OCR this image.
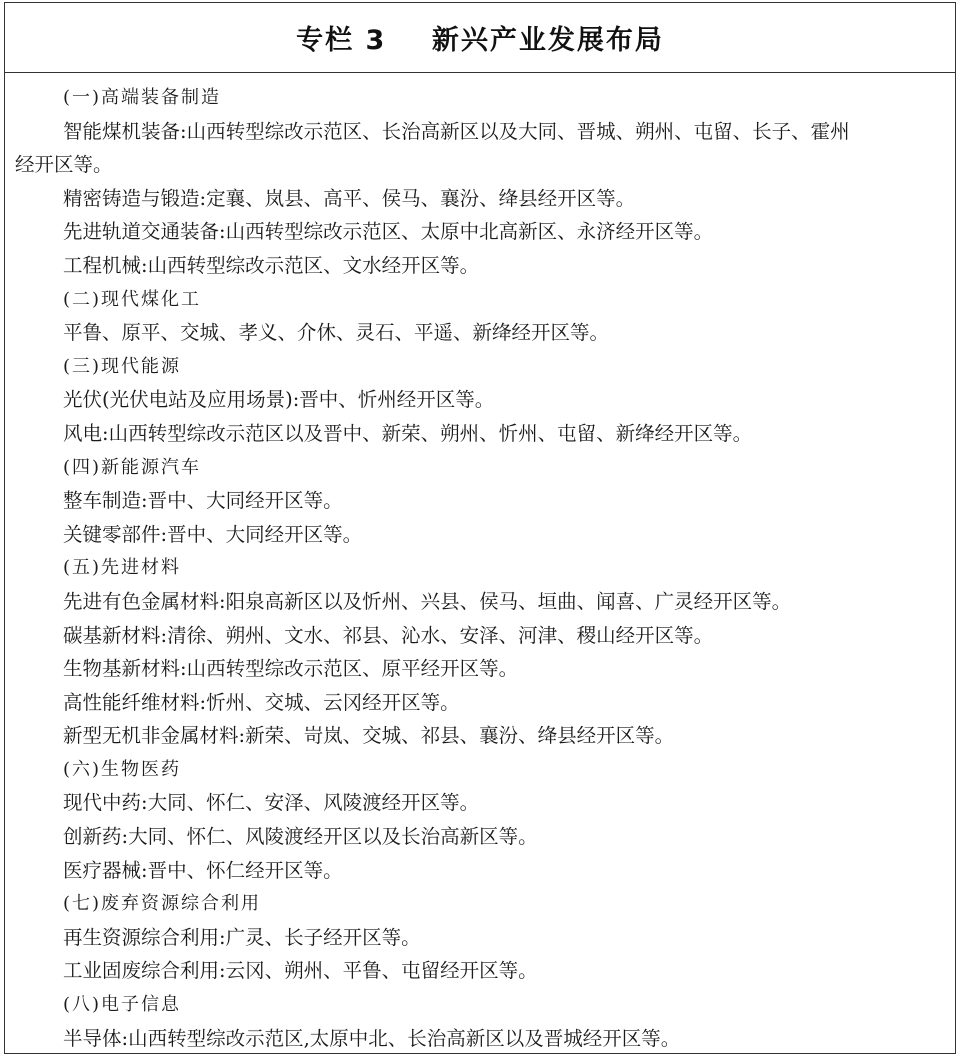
专栏 3    新兴产业发展布局
(一)高端装备制造
智能煤机装备:山西转型综改示范区、长治高新区以及大同、晋城、朔州、屯留、长子、霍州
经开区等。
精密铸造与锻造:定襄、岚县、高平、侯马、襄汾、绛县经开区等。
先进轨道交通装备:山西转型综改示范区、太原中北高新区、永济经开区等。
工程机械:山西转型综改示范区、文水经开区等。
(二)现代煤化工
平鲁、原平、交城、孝义、介休、灵石、平遥、新绛经开区等。
(三)现代能源
光伏(光伏电站及应用场景):晋中、忻州经开区等。
风电:山西转型综改示范区以及晋中、新荣、朔州、忻州、屯留、新绛经开区等。
(四)新能源汽车
整车制造:晋中、大同经开区等。
关键零部件:晋中、大同经开区等。
(五)先进材料
先进有色金属材料:阳泉高新区以及忻州、兴县、侯马、垣曲、闻喜、广灵经开区等。
碳基新材料:清徐、朔州、文水、祁县、沁水、安泽、河津、稷山经开区等。
生物基新材料:山西转型综改示范区、原平经开区等。
高性能纤维材料:忻州、交城、云冈经开区等。
新型无机非金属材料:新荣、岢岚、交城、祁县、襄汾、绛县经开区等。
(六)生物医药
现代中药:大同、怀仁、安泽、风陵渡经开区等。
创新药:大同、怀仁、风陵渡经开区以及长治高新区等。
医疗器械:晋中、怀仁经开区等。
(七)废弃资源综合利用
再生资源综合利用:广灵、长子经开区等。
工业固废综合利用:云冈、朔州、平鲁、屯留经开区等。
(八)电子信息
半导体:山西转型综改示范区,太原中北、长治高新区以及晋城经开区等。
